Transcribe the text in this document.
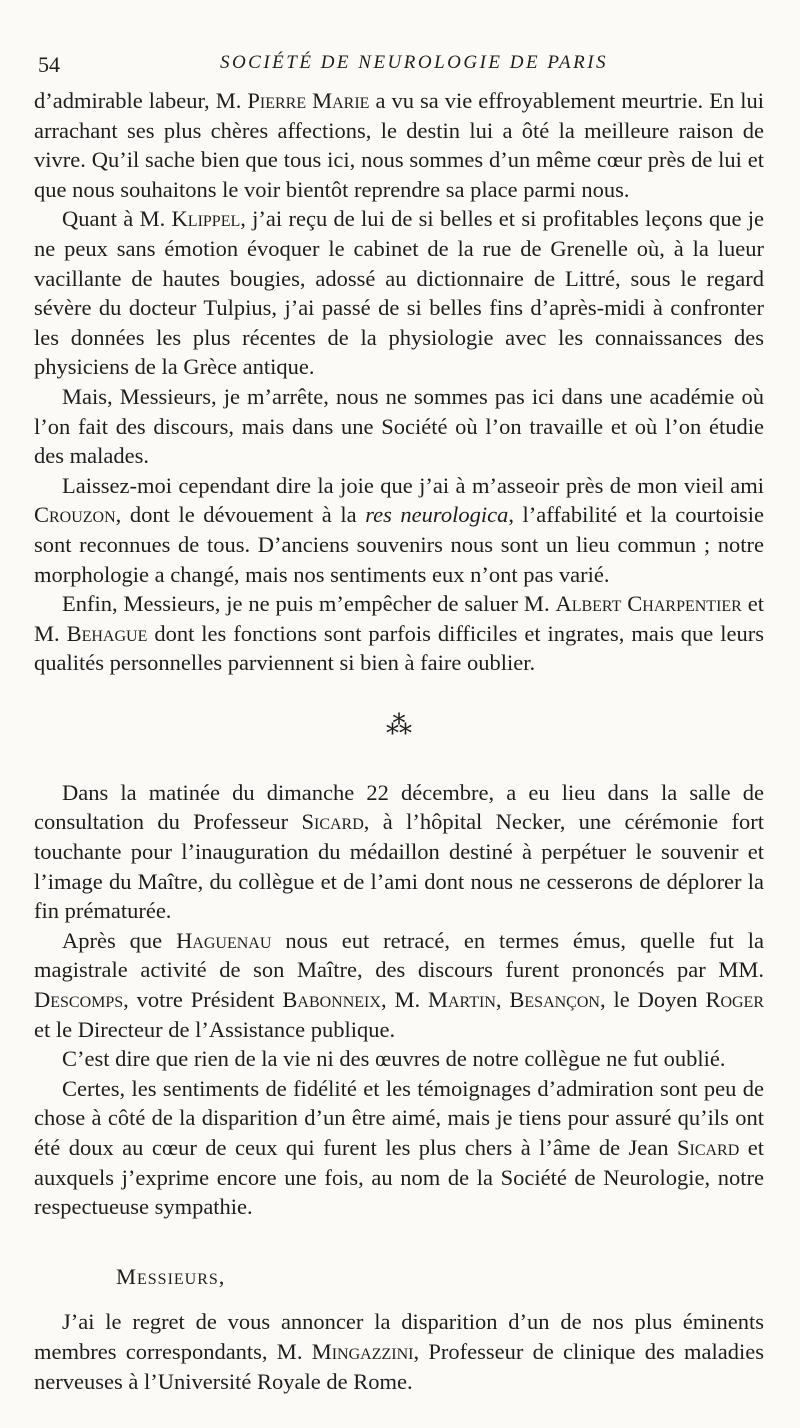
54	SOCIÉTÉ DE NEUROLOGIE DE PARIS

d’admirable labeur, M. Pierre Marie a vu sa vie effroyablement meurtrie. En lui arrachant ses plus chères affections, le destin lui a ôté la meilleure raison de vivre. Qu’il sache bien que tous ici, nous sommes d’un même cœur près de lui et que nous souhaitons le voir bientôt reprendre sa place parmi nous.

Quant à M. Klippel, j’ai reçu de lui de si belles et si profitables leçons que je ne peux sans émotion évoquer le cabinet de la rue de Grenelle où, à la lueur vacillante de hautes bougies, adossé au dictionnaire de Littré, sous le regard sévère du docteur Tulpius, j’ai passé de si belles fins d’après-midi à confronter les données les plus récentes de la physiologie avec les connaissances des physiciens de la Grèce antique.

Mais, Messieurs, je m’arrête, nous ne sommes pas ici dans une académie où l’on fait des discours, mais dans une Société où l’on travaille et où l’on étudie des malades.

Laissez-moi cependant dire la joie que j’ai à m’asseoir près de mon vieil ami Crouzon, dont le dévouement à la res neurologica, l’affabilité et la courtoisie sont reconnues de tous. D’anciens souvenirs nous sont un lieu commun ; notre morphologie a changé, mais nos sentiments eux n’ont pas varié.

Enfin, Messieurs, je ne puis m’empêcher de saluer M. Albert Charpentier et M. Behague dont les fonctions sont parfois difficiles et ingrates, mais que leurs qualités personnelles parviennent si bien à faire oublier.

⁂

Dans la matinée du dimanche 22 décembre, a eu lieu dans la salle de consultation du Professeur Sicard, à l’hôpital Necker, une cérémonie fort touchante pour l’inauguration du médaillon destiné à perpétuer le souvenir et l’image du Maître, du collègue et de l’ami dont nous ne cesserons de déplorer la fin prématurée.

Après que Haguenau nous eut retracé, en termes émus, quelle fut la magistrale activité de son Maître, des discours furent prononcés par MM. Descomps, votre Président Babonneix, M. Martin, Besançon, le Doyen Roger et le Directeur de l’Assistance publique.

C’est dire que rien de la vie ni des œuvres de notre collègue ne fut oublié.

Certes, les sentiments de fidélité et les témoignages d’admiration sont peu de chose à côté de la disparition d’un être aimé, mais je tiens pour assuré qu’ils ont été doux au cœur de ceux qui furent les plus chers à l’âme de Jean Sicard et auxquels j’exprime encore une fois, au nom de la Société de Neurologie, notre respectueuse sympathie.

Messieurs,

J’ai le regret de vous annoncer la disparition d’un de nos plus éminents membres correspondants, M. Mingazzini, Professeur de clinique des maladies nerveuses à l’Université Royale de Rome.
